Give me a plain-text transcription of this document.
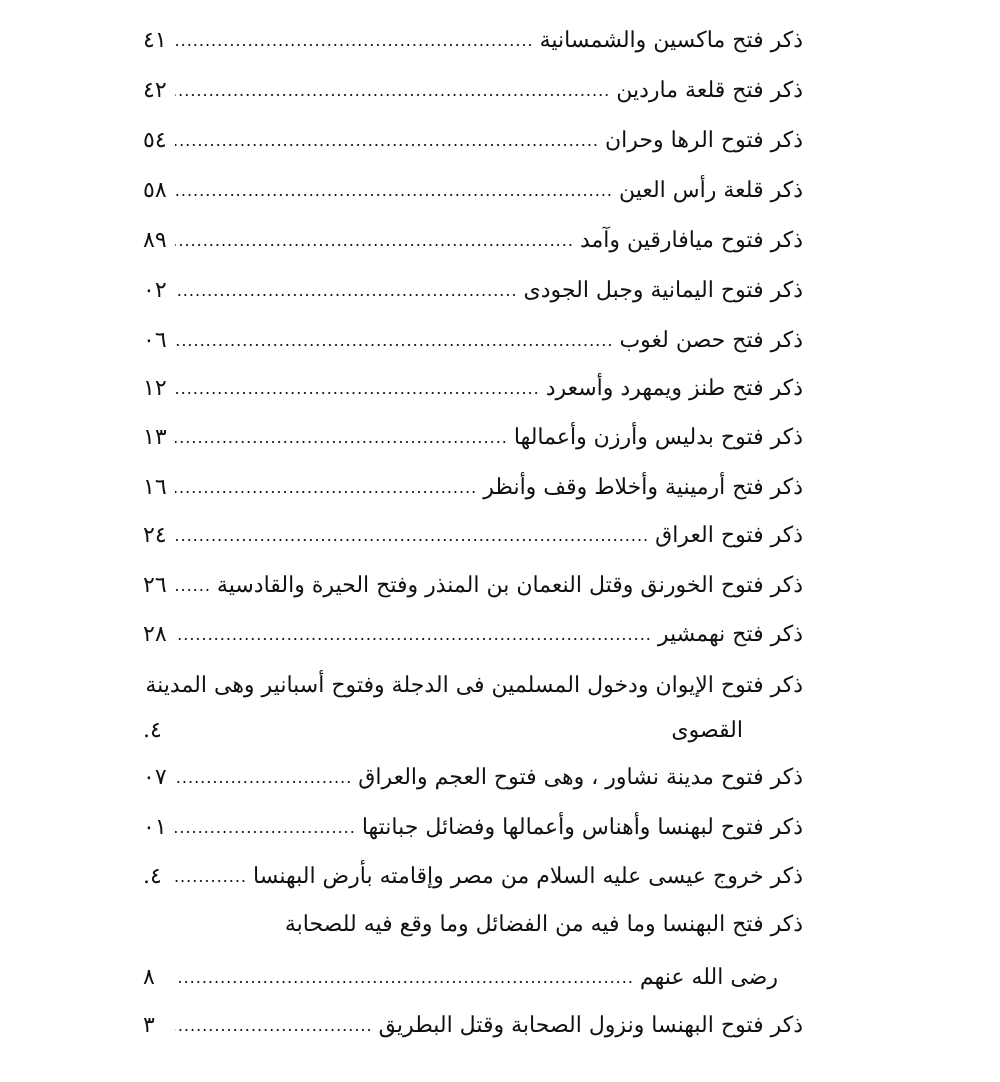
ذكر فتح ماكسين والشمسانية
.....
٤١
ذكر فتح قلعة ماردين
.....
٤٢
ذكر فتوح الرها وحران
.....
٥٤
ذكر قلعة رأس العين
.....
٥٨
ذكر فتوح ميافارقين وآمد
.....
٨٩
ذكر فتوح اليمانية وجبل الجودى
.....
٠٢
ذكر فتح حصن لغوب
.....
٠٦
ذكر فتح طنز ويمهرد وأسعرد
.....
١٢
ذكر فتوح بدليس وأرزن وأعمالها
.....
١٣
ذكر فتح أرمينية وأخلاط وقف وأنظر
.....
١٦
ذكر فتوح العراق
.....
٢٤
ذكر فتوح الخورنق وقتل النعمان بن المنذر وفتح الحيرة والقادسية
.....
٢٦
ذكر فتح نهمشير
.....
٢٨
ذكر فتوح الإيوان ودخول المسلمين فى الدجلة وفتوح أسبانير وهى المدينة
القصوى
٤.
ذكر فتوح مدينة نشاور ، وهى فتوح العجم والعراق
.....
٠٧
ذكر فتوح لبهنسا وأهناس وأعمالها وفضائل جبانتها
.....
٠١
ذكر خروج عيسى عليه السلام من مصر وإقامته بأرض البهنسا
.....
٤.
ذكر فتح البهنسا وما فيه من الفضائل وما وقع فيه للصحابة
رضى الله عنهم
.....
٨
ذكر فتوح البهنسا ونزول الصحابة وقتل البطريق
.....
٣
